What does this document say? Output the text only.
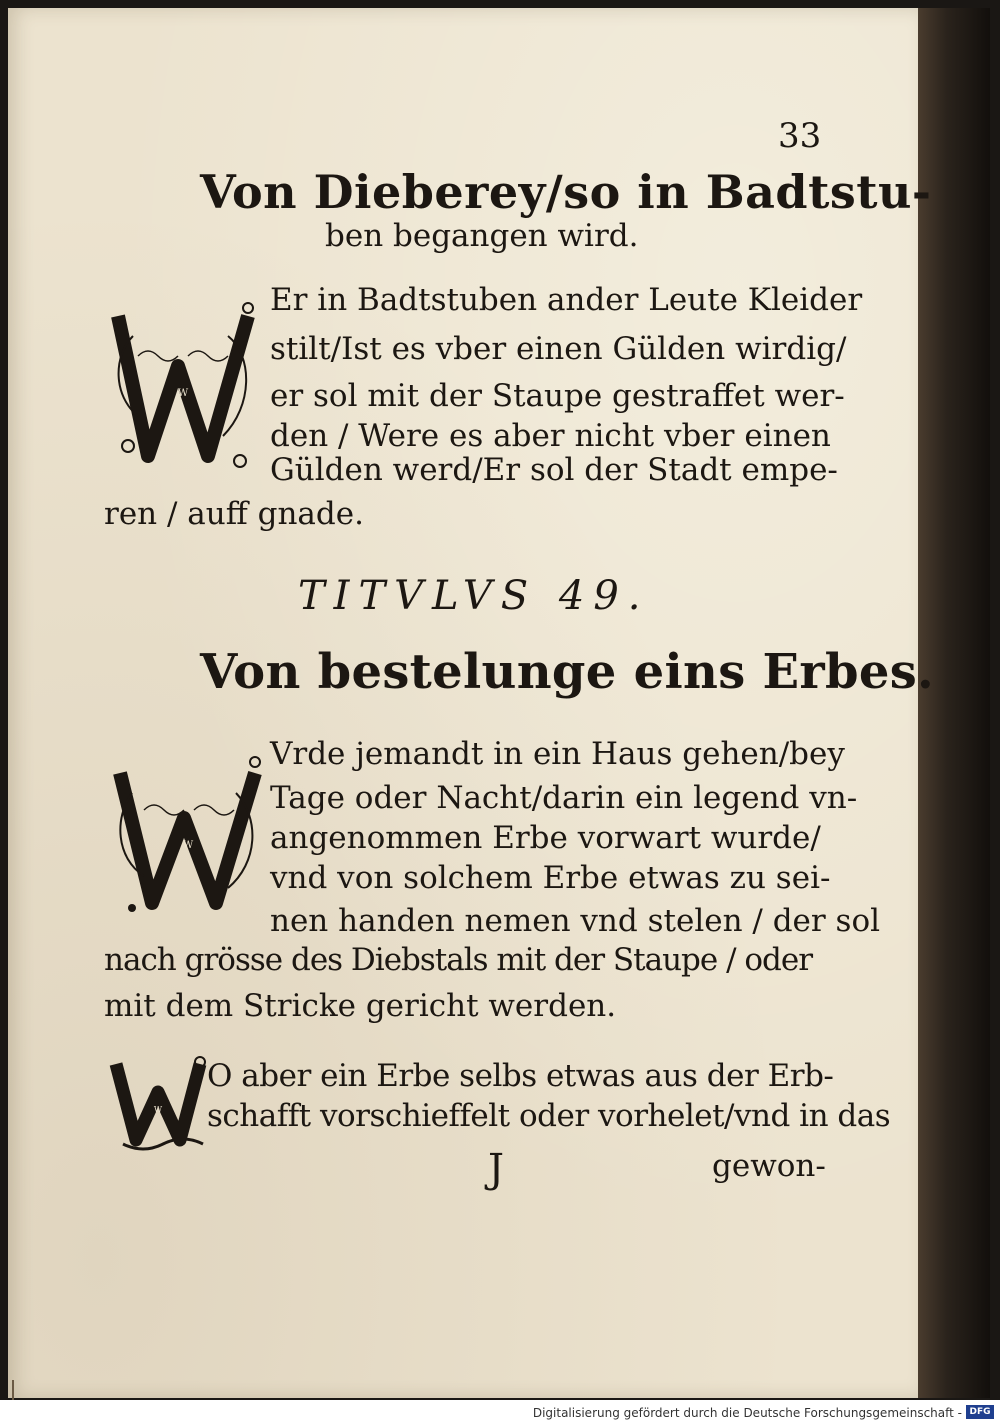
33
Von Dieberey/so in Badtstu-
ben begangen wird.
W
Er in Badtstuben ander Leute Kleider
stilt/Ist es vber einen Gülden wirdig/
er sol mit der Staupe gestraffet wer-
den / Were es aber nicht vber einen
Gülden werd/Er sol der Stadt empe-
ren / auff gnade.
TITVLVS 49.
Von bestelunge eins Erbes.
W
Vrde jemandt in ein Haus gehen/bey
Tage oder Nacht/darin ein legend vn-
angenommen Erbe vorwart wurde/
vnd von solchem Erbe etwas zu sei-
nen handen nemen vnd stelen / der sol
nach grösse des Diebstals mit der Staupe / oder
mit dem Stricke gericht werden.
W
O aber ein Erbe selbs etwas aus der Erb-
schafft vorschieffelt oder vorhelet/vnd in das
J	gewon-
Digitalisierung gefördert durch die Deutsche Forschungsgemeinschaft - DFG
